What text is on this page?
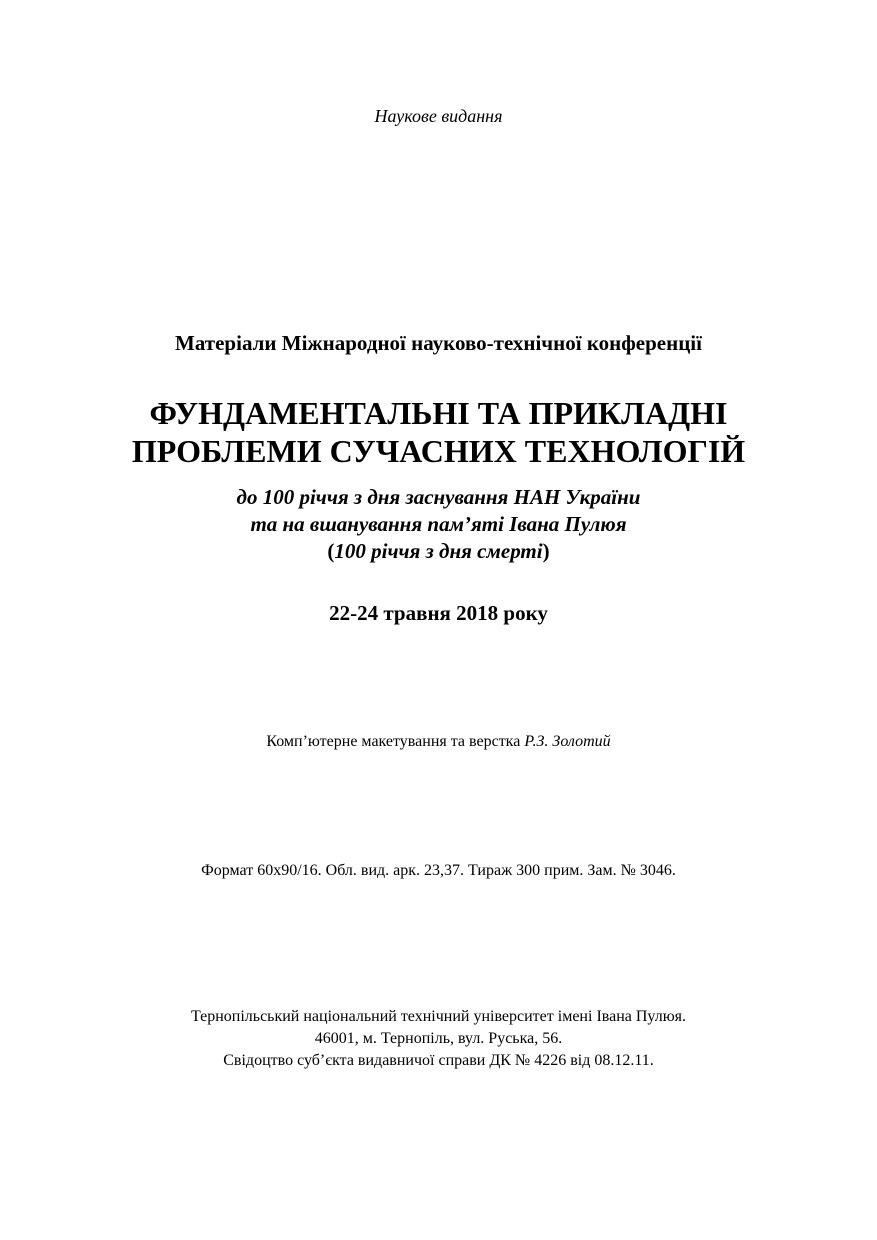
Наукове видання
Матеріали Міжнародної науково-технічної конференції
ФУНДАМЕНТАЛЬНІ ТА ПРИКЛАДНІ
ПРОБЛЕМИ СУЧАСНИХ ТЕХНОЛОГІЙ
до 100 річчя з дня заснування НАН України
та на вшанування пам’яті Івана Пулюя
(100 річчя з дня смерті)
22-24 травня 2018 року
Комп’ютерне макетування та верстка Р.З. Золотий
Формат 60х90/16. Обл. вид. арк. 23,37. Тираж 300 прим. Зам. № 3046.
Тернопільський національний технічний університет імені Івана Пулюя.
46001, м. Тернопіль, вул. Руська, 56.
Свідоцтво суб’єкта видавничої справи ДК № 4226 від 08.12.11.
